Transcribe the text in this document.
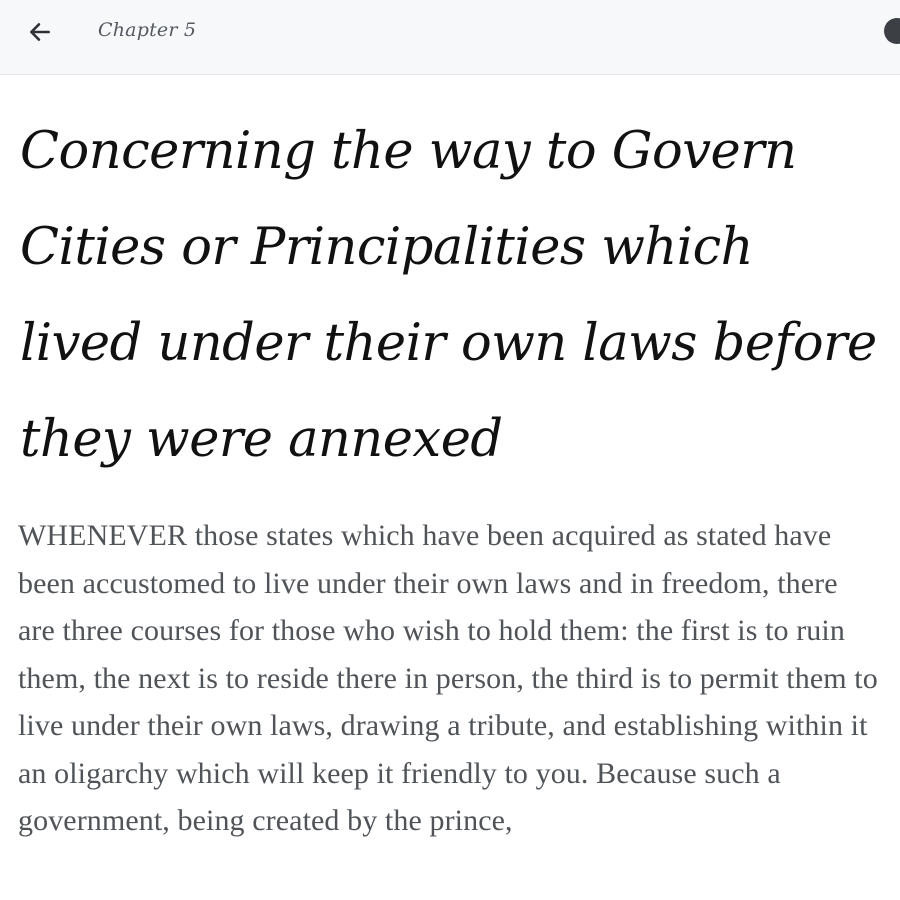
Chapter 5
Concerning the way to Govern Cities or Principalities which lived under their own laws before they were annexed

WHENEVER those states which have been acquired as stated have been accustomed to live under their own laws and in freedom, there are three courses for those who wish to hold them: the first is to ruin them, the next is to reside there in person, the third is to permit them to live under their own laws, drawing a tribute, and establishing within it an oligarchy which will keep it friendly to you. Because such a government, being created by the prince,
